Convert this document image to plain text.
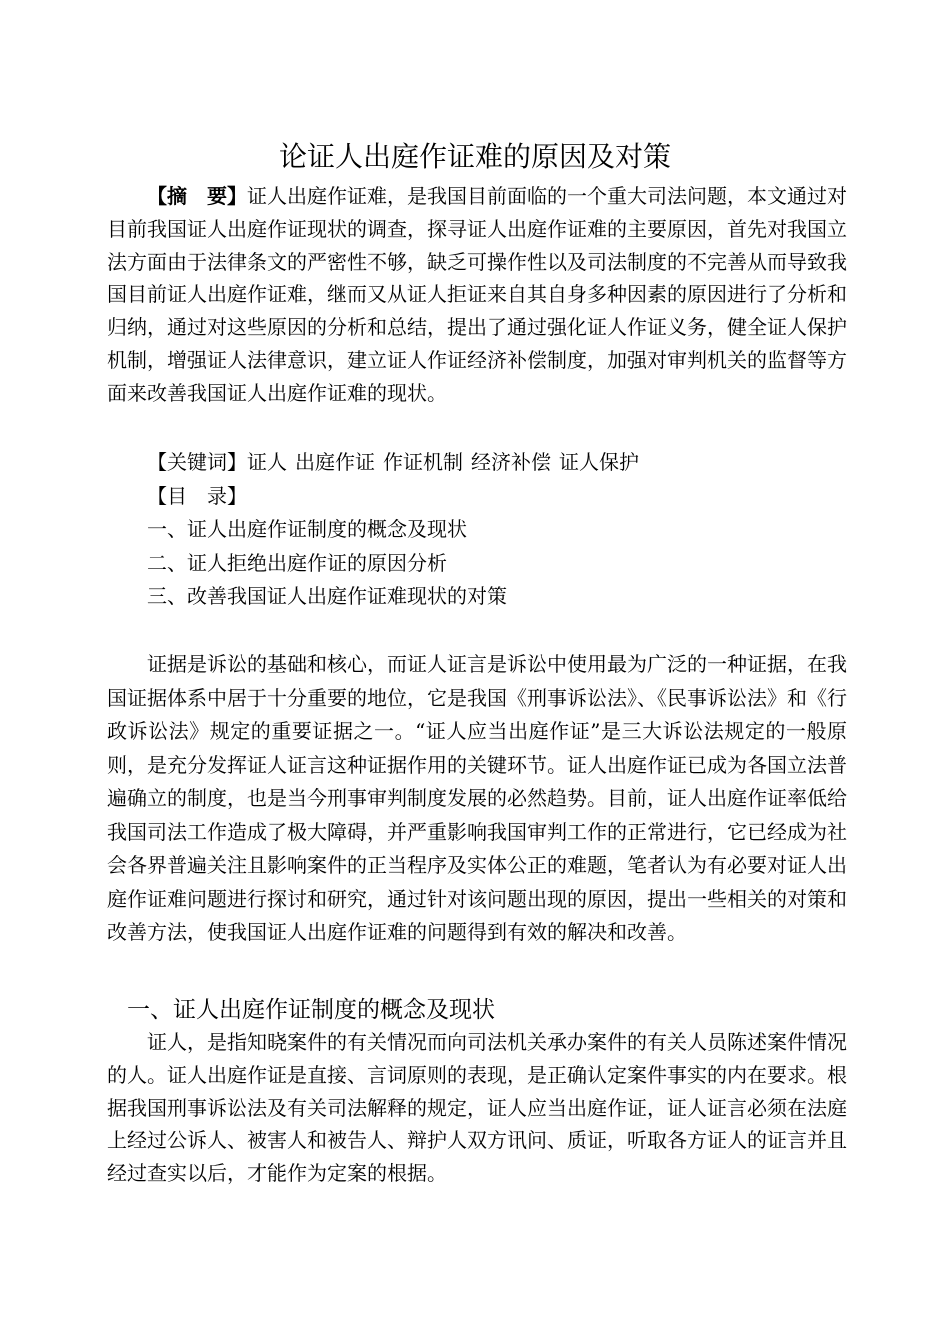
论证人出庭作证难的原因及对策

【摘　要】证人出庭作证难，是我国目前面临的一个重大司法问题，本文通过对目前我国证人出庭作证现状的调查，探寻证人出庭作证难的主要原因，首先对我国立法方面由于法律条文的严密性不够，缺乏可操作性以及司法制度的不完善从而导致我国目前证人出庭作证难，继而又从证人拒证来自其自身多种因素的原因进行了分析和归纳，通过对这些原因的分析和总结，提出了通过强化证人作证义务，健全证人保护机制，增强证人法律意识，建立证人作证经济补偿制度，加强对审判机关的监督等方面来改善我国证人出庭作证难的现状。

【关键词】证人 出庭作证 作证机制 经济补偿 证人保护

【目　录】

一、证人出庭作证制度的概念及现状

二、证人拒绝出庭作证的原因分析

三、改善我国证人出庭作证难现状的对策

证据是诉讼的基础和核心，而证人证言是诉讼中使用最为广泛的一种证据，在我国证据体系中居于十分重要的地位，它是我国《刑事诉讼法》、《民事诉讼法》和《行政诉讼法》规定的重要证据之一。“证人应当出庭作证”是三大诉讼法规定的一般原则，是充分发挥证人证言这种证据作用的关键环节。证人出庭作证已成为各国立法普遍确立的制度，也是当今刑事审判制度发展的必然趋势。目前，证人出庭作证率低给我国司法工作造成了极大障碍，并严重影响我国审判工作的正常进行，它已经成为社会各界普遍关注且影响案件的正当程序及实体公正的难题，笔者认为有必要对证人出庭作证难问题进行探讨和研究，通过针对该问题出现的原因，提出一些相关的对策和改善方法，使我国证人出庭作证难的问题得到有效的解决和改善。

一、证人出庭作证制度的概念及现状

证人，是指知晓案件的有关情况而向司法机关承办案件的有关人员陈述案件情况的人。证人出庭作证是直接、言词原则的表现，是正确认定案件事实的内在要求。根据我国刑事诉讼法及有关司法解释的规定，证人应当出庭作证，证人证言必须在法庭上经过公诉人、被害人和被告人、辩护人双方讯问、质证，听取各方证人的证言并且经过查实以后，才能作为定案的根据。
